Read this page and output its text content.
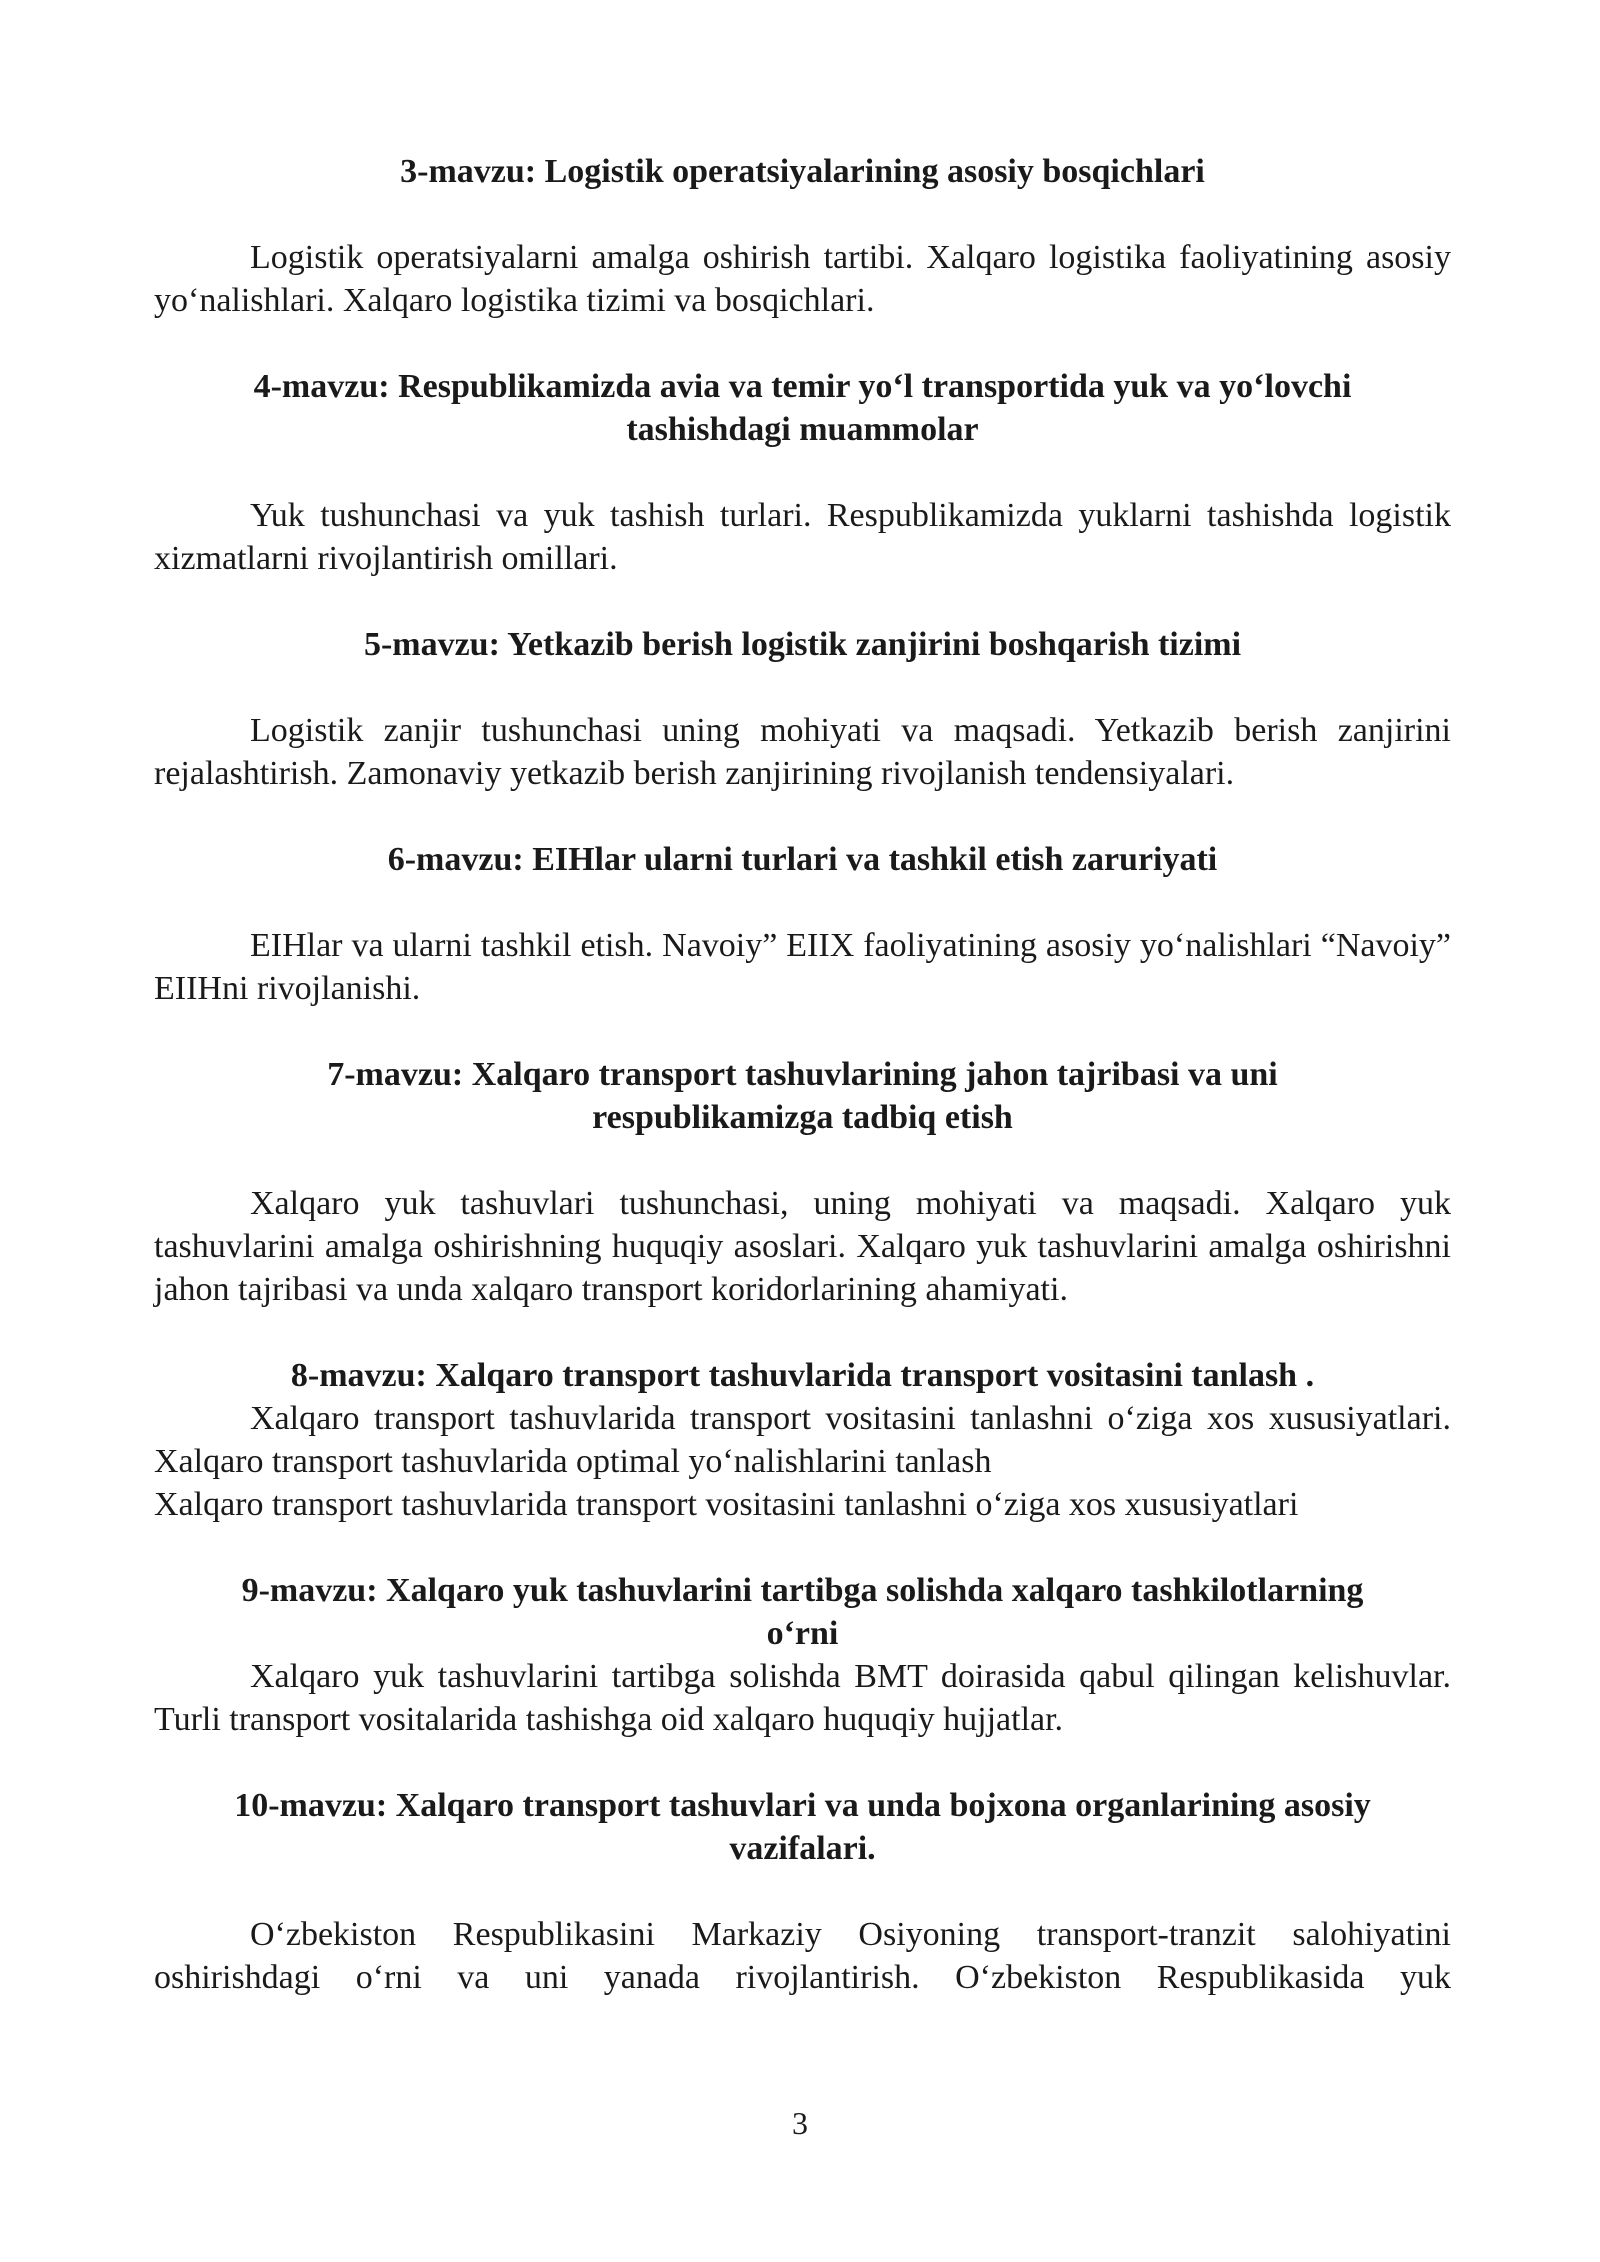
3-mavzu: Logistik operatsiyalarining asosiy bosqichlari

Logistik operatsiyalarni amalga oshirish tartibi. Xalqaro logistika faoliyatining asosiy yo‘nalishlari. Xalqaro logistika tizimi va bosqichlari.

4-mavzu: Respublikamizda avia va temir yo‘l transportida yuk va yo‘lovchi
tashishdagi muammolar

Yuk tushunchasi va yuk tashish turlari. Respublikamizda yuklarni tashishda logistik xizmatlarni rivojlantirish omillari.

5-mavzu: Yetkazib berish logistik zanjirini boshqarish tizimi

Logistik zanjir tushunchasi uning mohiyati va maqsadi. Yetkazib berish zanjirini rejalashtirish. Zamonaviy yetkazib berish zanjirining rivojlanish tendensiyalari.

6-mavzu: EIHlar ularni turlari va tashkil etish zaruriyati

EIHlar va ularni tashkil etish. Navoiy” EIIX faoliyatining asosiy yo‘nalishlari “Navoiy” EIIHni rivojlanishi.

7-mavzu: Xalqaro transport tashuvlarining jahon tajribasi va uni
respublikamizga tadbiq etish

Xalqaro yuk tashuvlari tushunchasi, uning mohiyati va maqsadi. Xalqaro yuk tashuvlarini amalga oshirishning huquqiy asoslari. Xalqaro yuk tashuvlarini amalga oshirishni jahon tajribasi va unda xalqaro transport koridorlarining ahamiyati.

8-mavzu: Xalqaro transport tashuvlarida transport vositasini tanlash .

Xalqaro transport tashuvlarida transport vositasini tanlashni o‘ziga xos xususiyatlari. Xalqaro transport tashuvlarida optimal yo‘nalishlarini tanlash

Xalqaro transport tashuvlarida transport vositasini tanlashni o‘ziga xos xususiyatlari

9-mavzu: Xalqaro yuk tashuvlarini tartibga solishda xalqaro tashkilotlarning
o‘rni

Xalqaro yuk tashuvlarini tartibga solishda BMT doirasida qabul qilingan kelishuvlar. Turli transport vositalarida tashishga oid xalqaro huquqiy hujjatlar.

10-mavzu: Xalqaro transport tashuvlari va unda bojxona organlarining asosiy
vazifalari.

O‘zbekiston Respublikasini Markaziy Osiyoning transport-tranzit salohiyatini oshirishdagi o‘rni va uni yanada rivojlantirish. O‘zbekiston Respublikasida yuk

3
